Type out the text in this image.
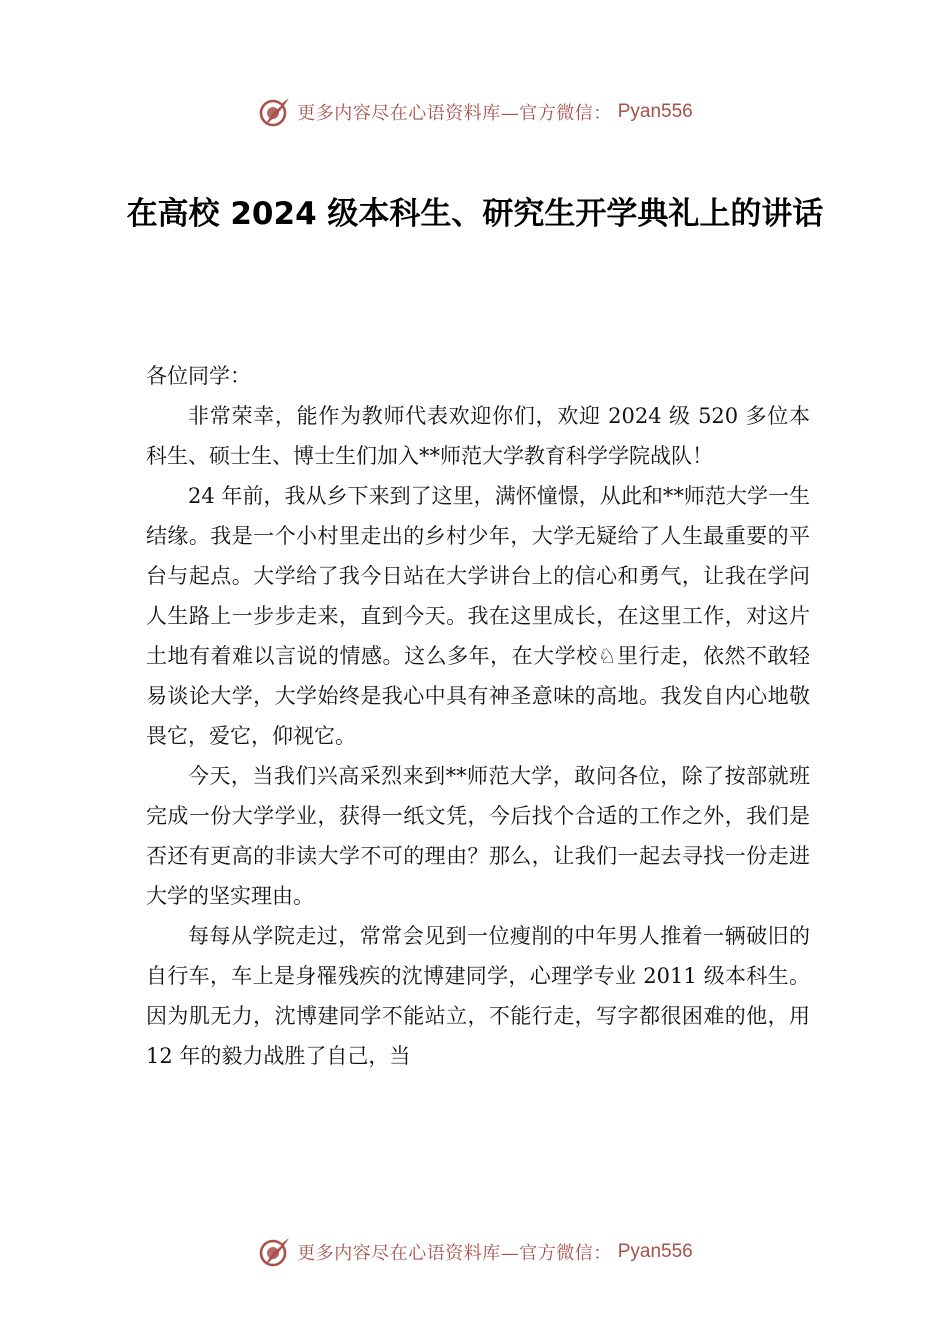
更多内容尽在心语资料库—官方微信： Pyan556
在高校 2024 级本科生、研究生开学典礼上的讲话

各位同学：

非常荣幸，能作为教师代表欢迎你们，欢迎 2024 级 520 多位本科生、硕士生、博士生们加入**师范大学教育科学学院战队！

24 年前，我从乡下来到了这里，满怀憧憬，从此和**师范大学一生结缘。我是一个小村里走出的乡村少年，大学无疑给了人生最重要的平台与起点。大学给了我今日站在大学讲台上的信心和勇气，让我在学问人生路上一步步走来，直到今天。我在这里成长，在这里工作，对这片土地有着难以言说的情感。这么多年，在大学校♘里行走，依然不敢轻易谈论大学，大学始终是我心中具有神圣意味的高地。我发自内心地敬畏它，爱它，仰视它。

今天，当我们兴高采烈来到**师范大学，敢问各位，除了按部就班完成一份大学学业，获得一纸文凭，今后找个合适的工作之外，我们是否还有更高的非读大学不可的理由？那么，让我们一起去寻找一份走进大学的坚实理由。

每每从学院走过，常常会见到一位瘦削的中年男人推着一辆破旧的自行车，车上是身罹残疾的沈博建同学，心理学专业 2011 级本科生。因为肌无力，沈博建同学不能站立，不能行走，写字都很困难的他，用 12 年的毅力战胜了自己，当

更多内容尽在心语资料库—官方微信： Pyan556
